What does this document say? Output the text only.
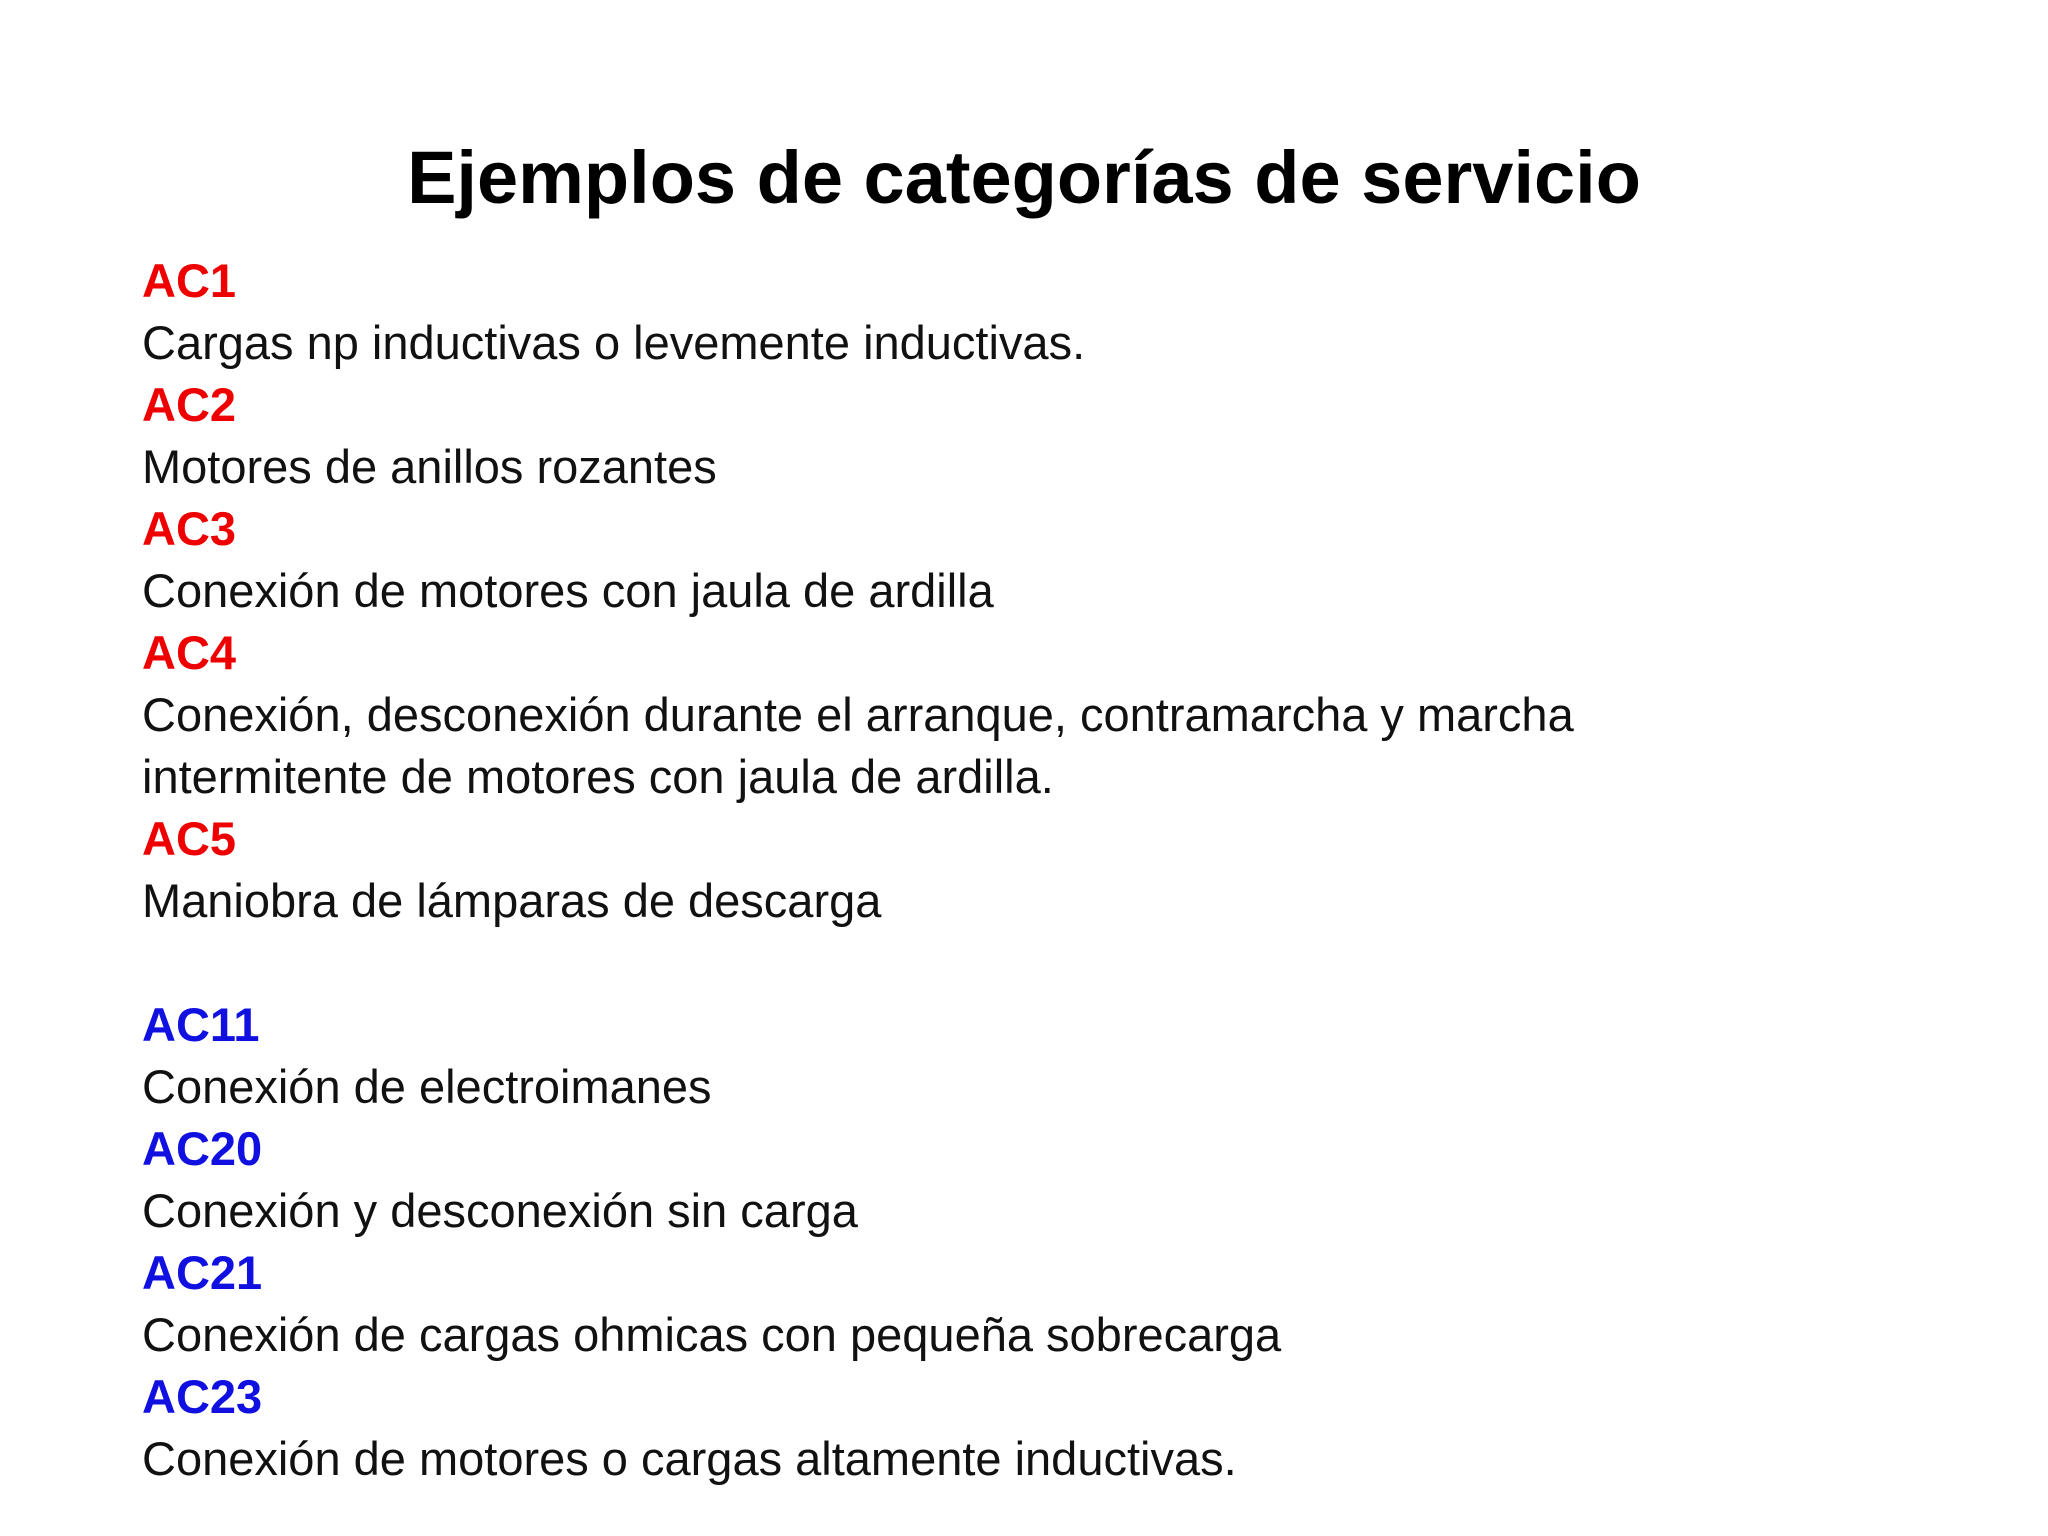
Ejemplos de categorías de servicio
AC1
Cargas np inductivas o levemente inductivas.
AC2
Motores de anillos rozantes
AC3
Conexión de motores con jaula de ardilla
AC4
Conexión, desconexión durante el arranque, contramarcha y marcha
intermitente de motores con jaula de ardilla.
AC5
Maniobra de lámparas de descarga
AC11
Conexión de electroimanes
AC20
Conexión y desconexión sin carga
AC21
Conexión de cargas ohmicas con pequeña sobrecarga
AC23
Conexión de motores o cargas altamente inductivas.
